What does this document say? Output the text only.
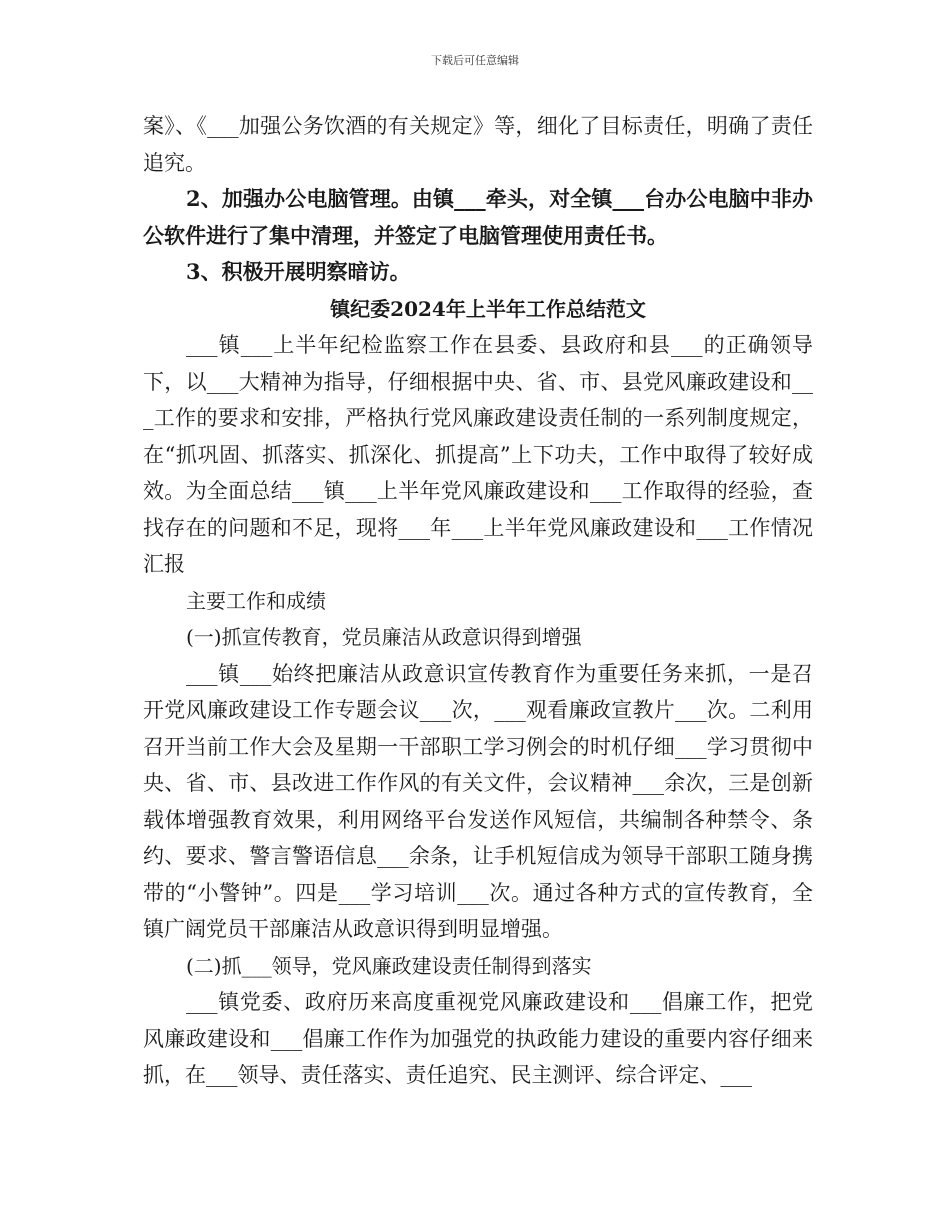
下载后可任意编辑

案》、《___加强公务饮酒的有关规定》等，细化了目标责任，明确了责任追究。

2、加强办公电脑管理。由镇___牵头，对全镇___台办公电脑中非办公软件进行了集中清理，并签定了电脑管理使用责任书。

3、积极开展明察暗访。

镇纪委2024年上半年工作总结范文

___镇___上半年纪检监察工作在县委、县政府和县___的正确领导下，以___大精神为指导，仔细根据中央、省、市、县党风廉政建设和___工作的要求和安排，严格执行党风廉政建设责任制的一系列制度规定，在“抓巩固、抓落实、抓深化、抓提高”上下功夫，工作中取得了较好成效。为全面总结___镇___上半年党风廉政建设和___工作取得的经验，查找存在的问题和不足，现将___年___上半年党风廉政建设和___工作情况汇报

主要工作和成绩

(一)抓宣传教育，党员廉洁从政意识得到增强

___镇___始终把廉洁从政意识宣传教育作为重要任务来抓，一是召开党风廉政建设工作专题会议___次，___观看廉政宣教片___次。二利用召开当前工作大会及星期一干部职工学习例会的时机仔细___学习贯彻中央、省、市、县改进工作作风的有关文件，会议精神___余次，三是创新载体增强教育效果，利用网络平台发送作风短信，共编制各种禁令、条约、要求、警言警语信息___余条，让手机短信成为领导干部职工随身携带的“小警钟”。四是___学习培训___次。通过各种方式的宣传教育，全镇广阔党员干部廉洁从政意识得到明显增强。

(二)抓___领导，党风廉政建设责任制得到落实

___镇党委、政府历来高度重视党风廉政建设和___倡廉工作，把党风廉政建设和___倡廉工作作为加强党的执政能力建设的重要内容仔细来抓，在___领导、责任落实、责任追究、民主测评、综合评定、___
